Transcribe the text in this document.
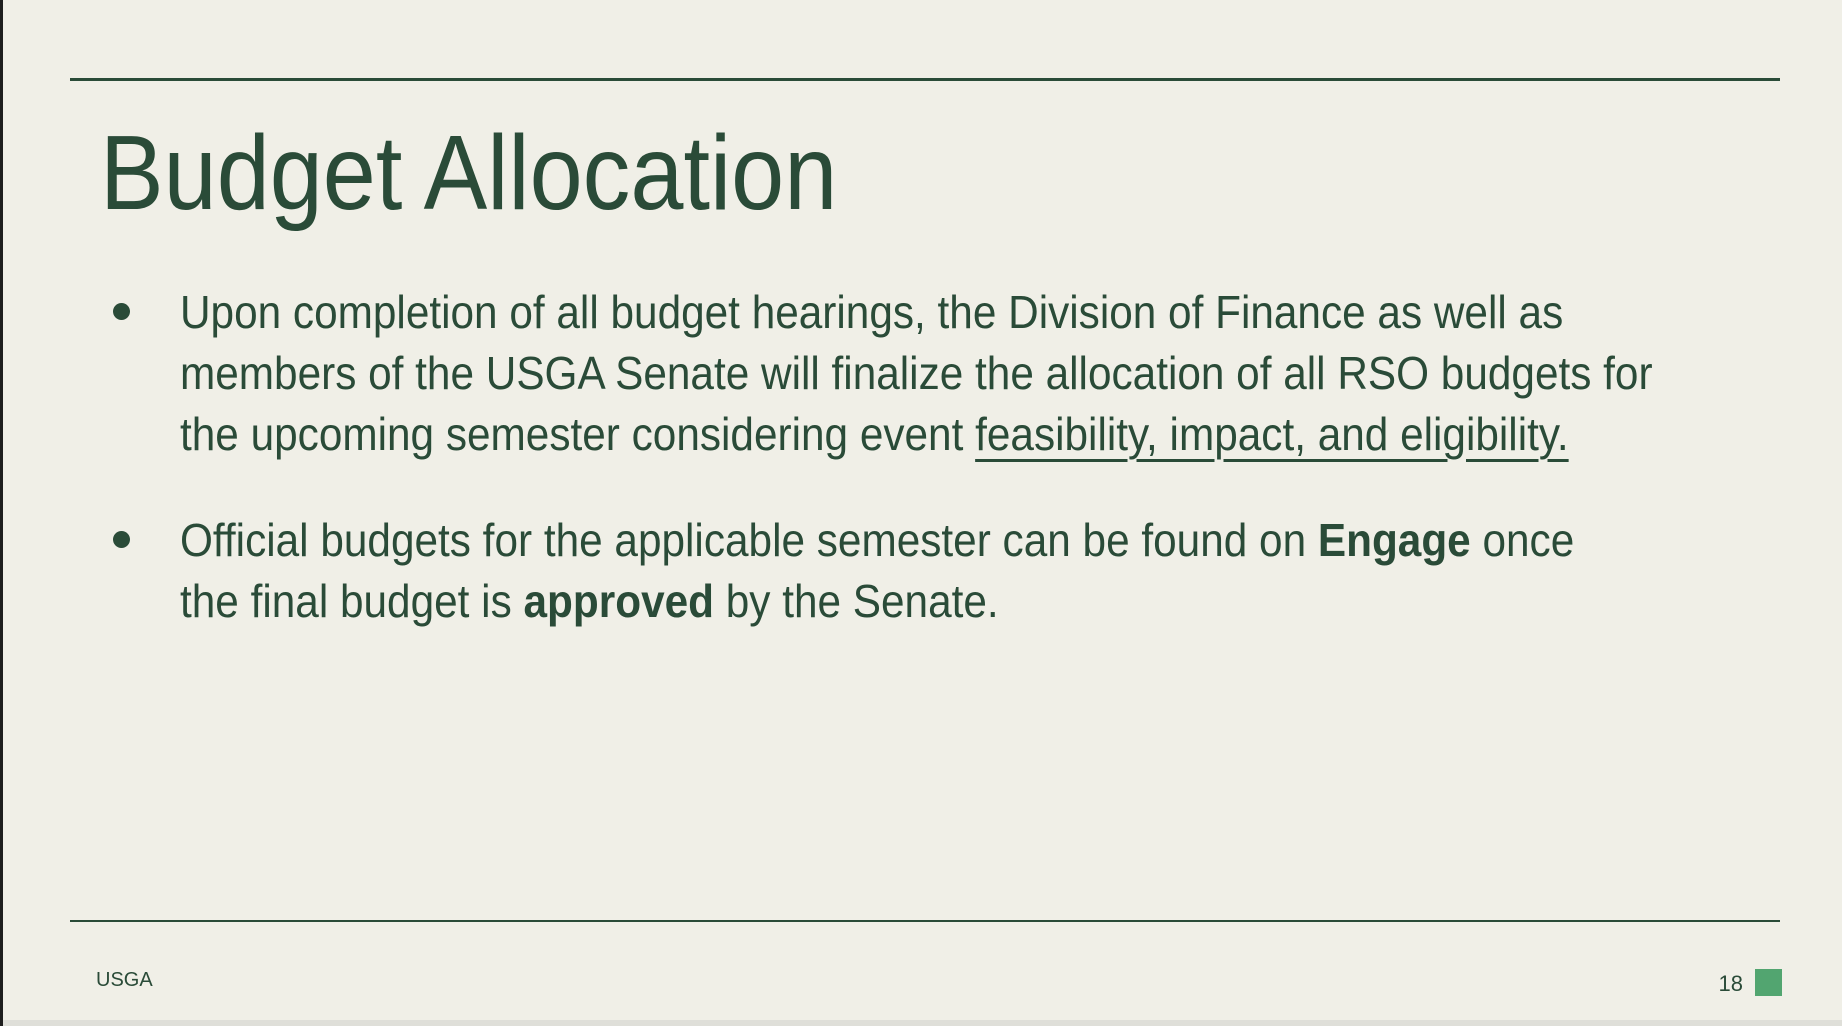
Budget Allocation
Upon completion of all budget hearings, the Division of Finance as well as
members of the USGA Senate will finalize the allocation of all RSO budgets for
the upcoming semester considering event feasibility, impact, and eligibility.
Official budgets for the applicable semester can be found on Engage once
the final budget is approved by the Senate.
USGA	18
